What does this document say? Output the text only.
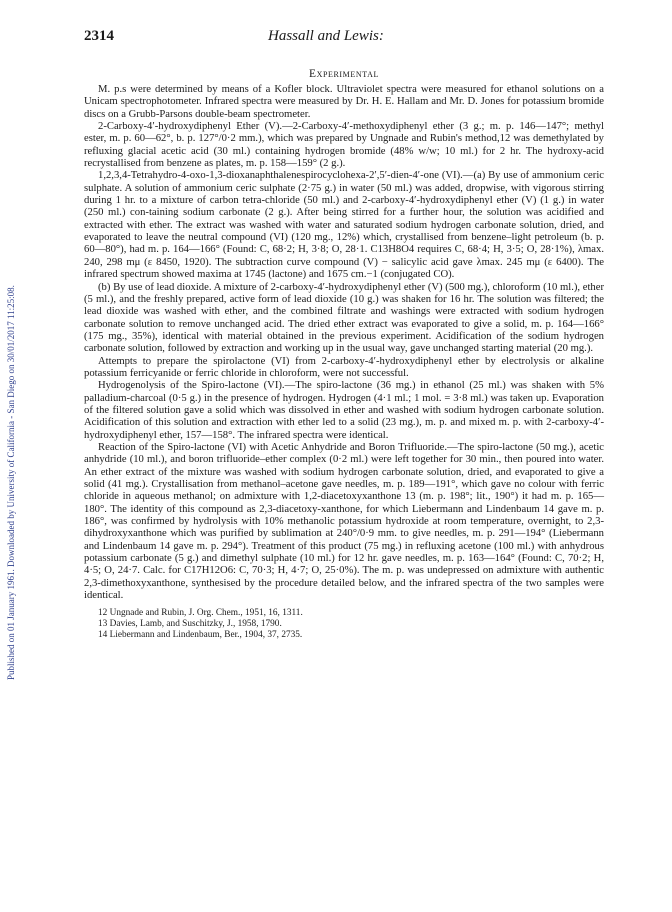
Published on 01 January 1961. Downloaded by University of California - San Diego on 30/01/2017 11:25:08.
2314	Hassall and Lewis:
Experimental

M. p.s were determined by means of a Kofler block. Ultraviolet spectra were measured for ethanol solutions on a Unicam spectrophotometer. Infrared spectra were measured by Dr. H. E. Hallam and Mr. D. Jones for potassium bromide discs on a Grubb-Parsons double-beam spectrometer.

2-Carboxy-4′-hydroxydiphenyl Ether (V).—2-Carboxy-4′-methoxydiphenyl ether (3 g.; m. p. 146—147°; methyl ester, m. p. 60—62°, b. p. 127°/0·2 mm.), which was prepared by Ungnade and Rubin's method,12 was demethylated by refluxing glacial acetic acid (30 ml.) containing hydrogen bromide (48% w/w; 10 ml.) for 2 hr. The hydroxy-acid recrystallised from benzene as plates, m. p. 158—159° (2 g.).

1,2,3,4-Tetrahydro-4-oxo-1,3-dioxanaphthalenespirocyclohexa-2′,5′-dien-4′-one (VI).—(a) By use of ammonium ceric sulphate. A solution of ammonium ceric sulphate (2·75 g.) in water (50 ml.) was added, dropwise, with vigorous stirring during 1 hr. to a mixture of carbon tetra-chloride (50 ml.) and 2-carboxy-4′-hydroxydiphenyl ether (V) (1 g.) in water (250 ml.) con-taining sodium carbonate (2 g.). After being stirred for a further hour, the solution was acidified and extracted with ether. The extract was washed with water and saturated sodium hydrogen carbonate solution, dried, and evaporated to leave the neutral compound (VI) (120 mg., 12%) which, crystallised from benzene–light petroleum (b. p. 60—80°), had m. p. 164—166° (Found: C, 68·2; H, 3·8; O, 28·1. C13H8O4 requires C, 68·4; H, 3·5; O, 28·1%), λmax. 240, 298 mμ (ε 8450, 1920). The subtraction curve compound (V) − salicylic acid gave λmax. 245 mμ (ε 6400). The infrared spectrum showed maxima at 1745 (lactone) and 1675 cm.−1 (conjugated CO).

(b) By use of lead dioxide. A mixture of 2-carboxy-4′-hydroxydiphenyl ether (V) (500 mg.), chloroform (10 ml.), ether (5 ml.), and the freshly prepared, active form of lead dioxide (10 g.) was shaken for 16 hr. The solution was filtered; the lead dioxide was washed with ether, and the combined filtrate and washings were extracted with sodium hydrogen carbonate solution to remove unchanged acid. The dried ether extract was evaporated to give a solid, m. p. 164—166° (175 mg., 35%), identical with material obtained in the previous experiment. Acidification of the sodium hydrogen carbonate solution, followed by extraction and working up in the usual way, gave unchanged starting material (20 mg.).

Attempts to prepare the spirolactone (VI) from 2-carboxy-4′-hydroxydiphenyl ether by electrolysis or alkaline potassium ferricyanide or ferric chloride in chloroform, were not successful.

Hydrogenolysis of the Spiro-lactone (VI).—The spiro-lactone (36 mg.) in ethanol (25 ml.) was shaken with 5% palladium-charcoal (0·5 g.) in the presence of hydrogen. Hydrogen (4·1 ml.; 1 mol. = 3·8 ml.) was taken up. Evaporation of the filtered solution gave a solid which was dissolved in ether and washed with sodium hydrogen carbonate solution. Acidification of this solution and extraction with ether led to a solid (23 mg.), m. p. and mixed m. p. with 2-carboxy-4′-hydroxydiphenyl ether, 157—158°. The infrared spectra were identical.

Reaction of the Spiro-lactone (VI) with Acetic Anhydride and Boron Trifluoride.—The spiro-lactone (50 mg.), acetic anhydride (10 ml.), and boron trifluoride–ether complex (0·2 ml.) were left together for 30 min., then poured into water. An ether extract of the mixture was washed with sodium hydrogen carbonate solution, dried, and evaporated to give a solid (41 mg.). Crystallisation from methanol–acetone gave needles, m. p. 189—191°, which gave no colour with ferric chloride in aqueous methanol; on admixture with 1,2-diacetoxyxanthone 13 (m. p. 198°; lit., 190°) it had m. p. 165—180°. The identity of this compound as 2,3-diacetoxy-xanthone, for which Liebermann and Lindenbaum 14 gave m. p. 186°, was confirmed by hydrolysis with 10% methanolic potassium hydroxide at room temperature, overnight, to 2,3-dihydroxyxanthone which was purified by sublimation at 240°/0·9 mm. to give needles, m. p. 291—194° (Liebermann and Lindenbaum 14 gave m. p. 294°). Treatment of this product (75 mg.) in refluxing acetone (100 ml.) with anhydrous potassium carbonate (5 g.) and dimethyl sulphate (10 ml.) for 12 hr. gave needles, m. p. 163—164° (Found: C, 70·2; H, 4·5; O, 24·7. Calc. for C17H12O6: C, 70·3; H, 4·7; O, 25·0%). The m. p. was undepressed on admixture with authentic 2,3-dimethoxyxanthone, synthesised by the procedure detailed below, and the infrared spectra of the two samples were identical.

12 Ungnade and Rubin, J. Org. Chem., 1951, 16, 1311.
13 Davies, Lamb, and Suschitzky, J., 1958, 1790.
14 Liebermann and Lindenbaum, Ber., 1904, 37, 2735.
